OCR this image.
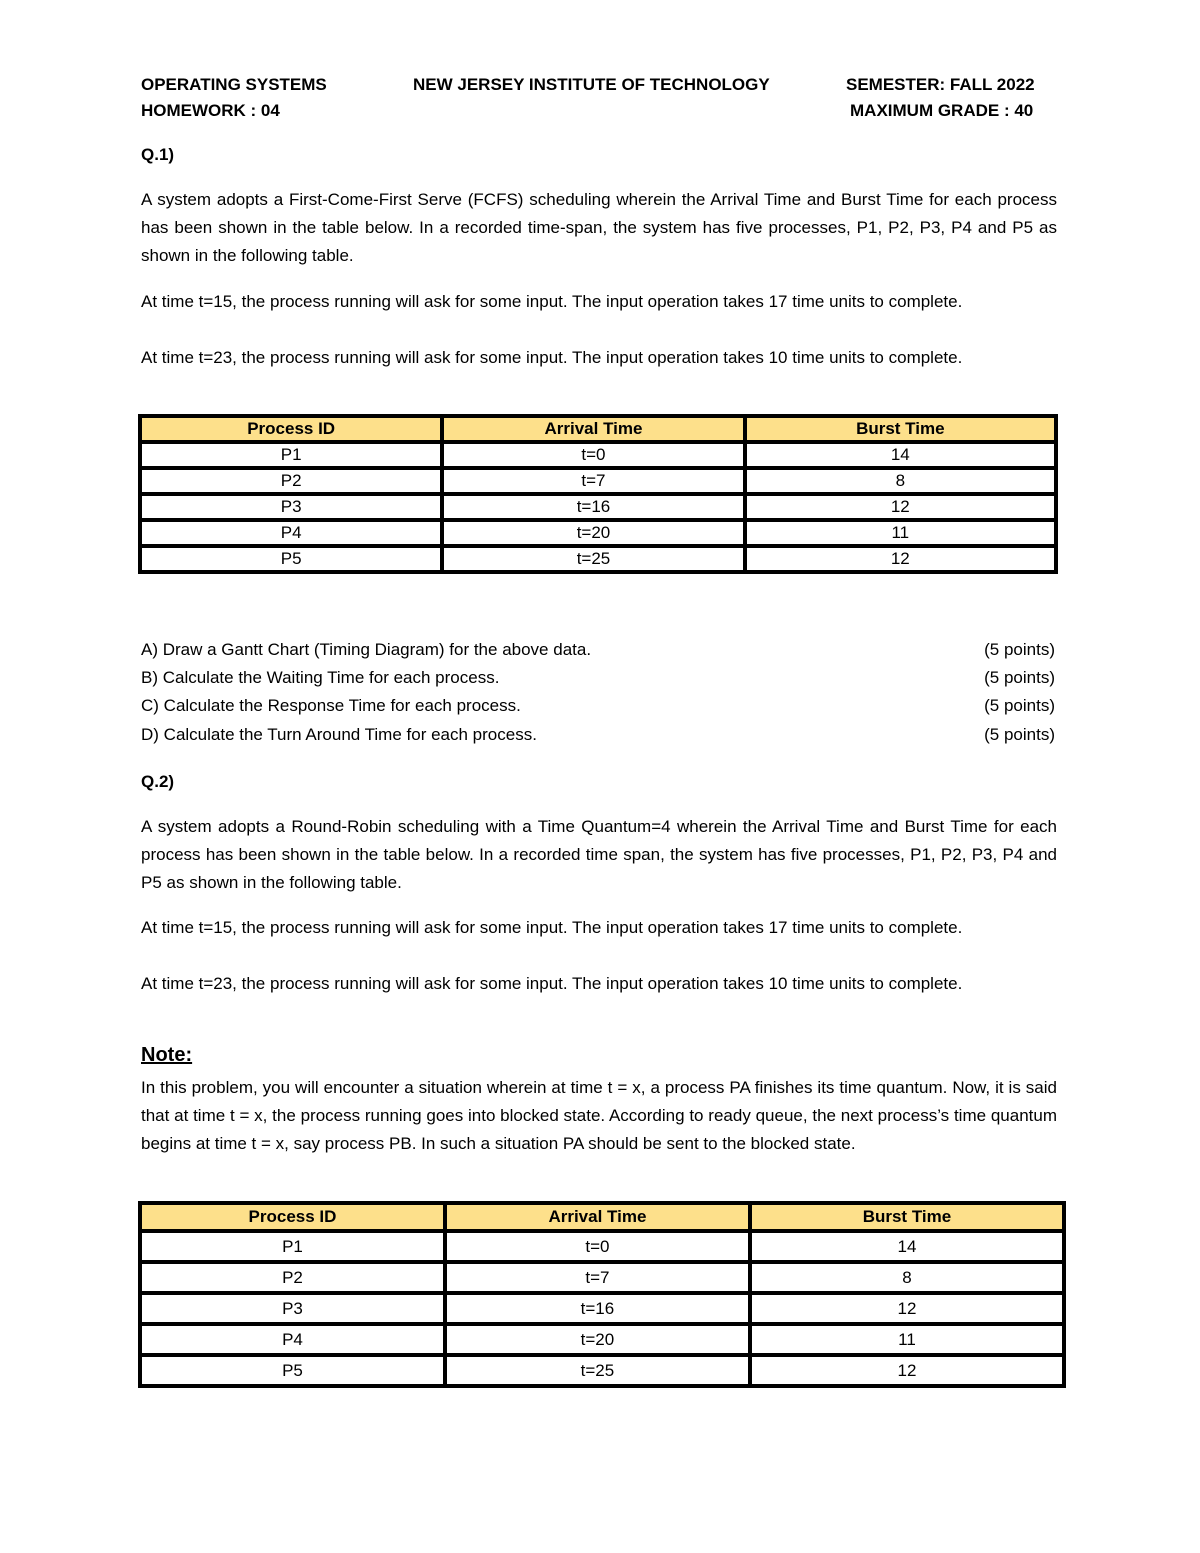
OPERATING SYSTEMS	NEW JERSEY INSTITUTE OF TECHNOLOGY	SEMESTER: FALL 2022
HOMEWORK : 04	MAXIMUM GRADE : 40
Q.1)
A system adopts a First-Come-First Serve (FCFS) scheduling wherein the Arrival Time and Burst Time for each process has been shown in the table below. In a recorded time-span, the system has five processes, P1, P2, P3, P4 and P5 as shown in the following table.
At time t=15, the process running will ask for some input. The input operation takes 17 time units to complete.
At time t=23, the process running will ask for some input. The input operation takes 10 time units to complete.
Process ID	Arrival Time	Burst Time
P1	t=0	14
P2	t=7	8
P3	t=16	12
P4	t=20	11
P5	t=25	12
A) Draw a Gantt Chart (Timing Diagram) for the above data.	(5 points)
B) Calculate the Waiting Time for each process.	(5 points)
C) Calculate the Response Time for each process.	(5 points)
D) Calculate the Turn Around Time for each process.	(5 points)
Q.2)
A system adopts a Round-Robin scheduling with a Time Quantum=4 wherein the Arrival Time and Burst Time for each process has been shown in the table below. In a recorded time span, the system has five processes, P1, P2, P3, P4 and P5 as shown in the following table.
At time t=15, the process running will ask for some input. The input operation takes 17 time units to complete.
At time t=23, the process running will ask for some input. The input operation takes 10 time units to complete.
Note:
In this problem, you will encounter a situation wherein at time t = x, a process PA finishes its time quantum. Now, it is said that at time t = x, the process running goes into blocked state. According to ready queue, the next process’s time quantum begins at time t = x, say process PB. In such a situation PA should be sent to the blocked state.
Process ID	Arrival Time	Burst Time
P1	t=0	14
P2	t=7	8
P3	t=16	12
P4	t=20	11
P5	t=25	12
